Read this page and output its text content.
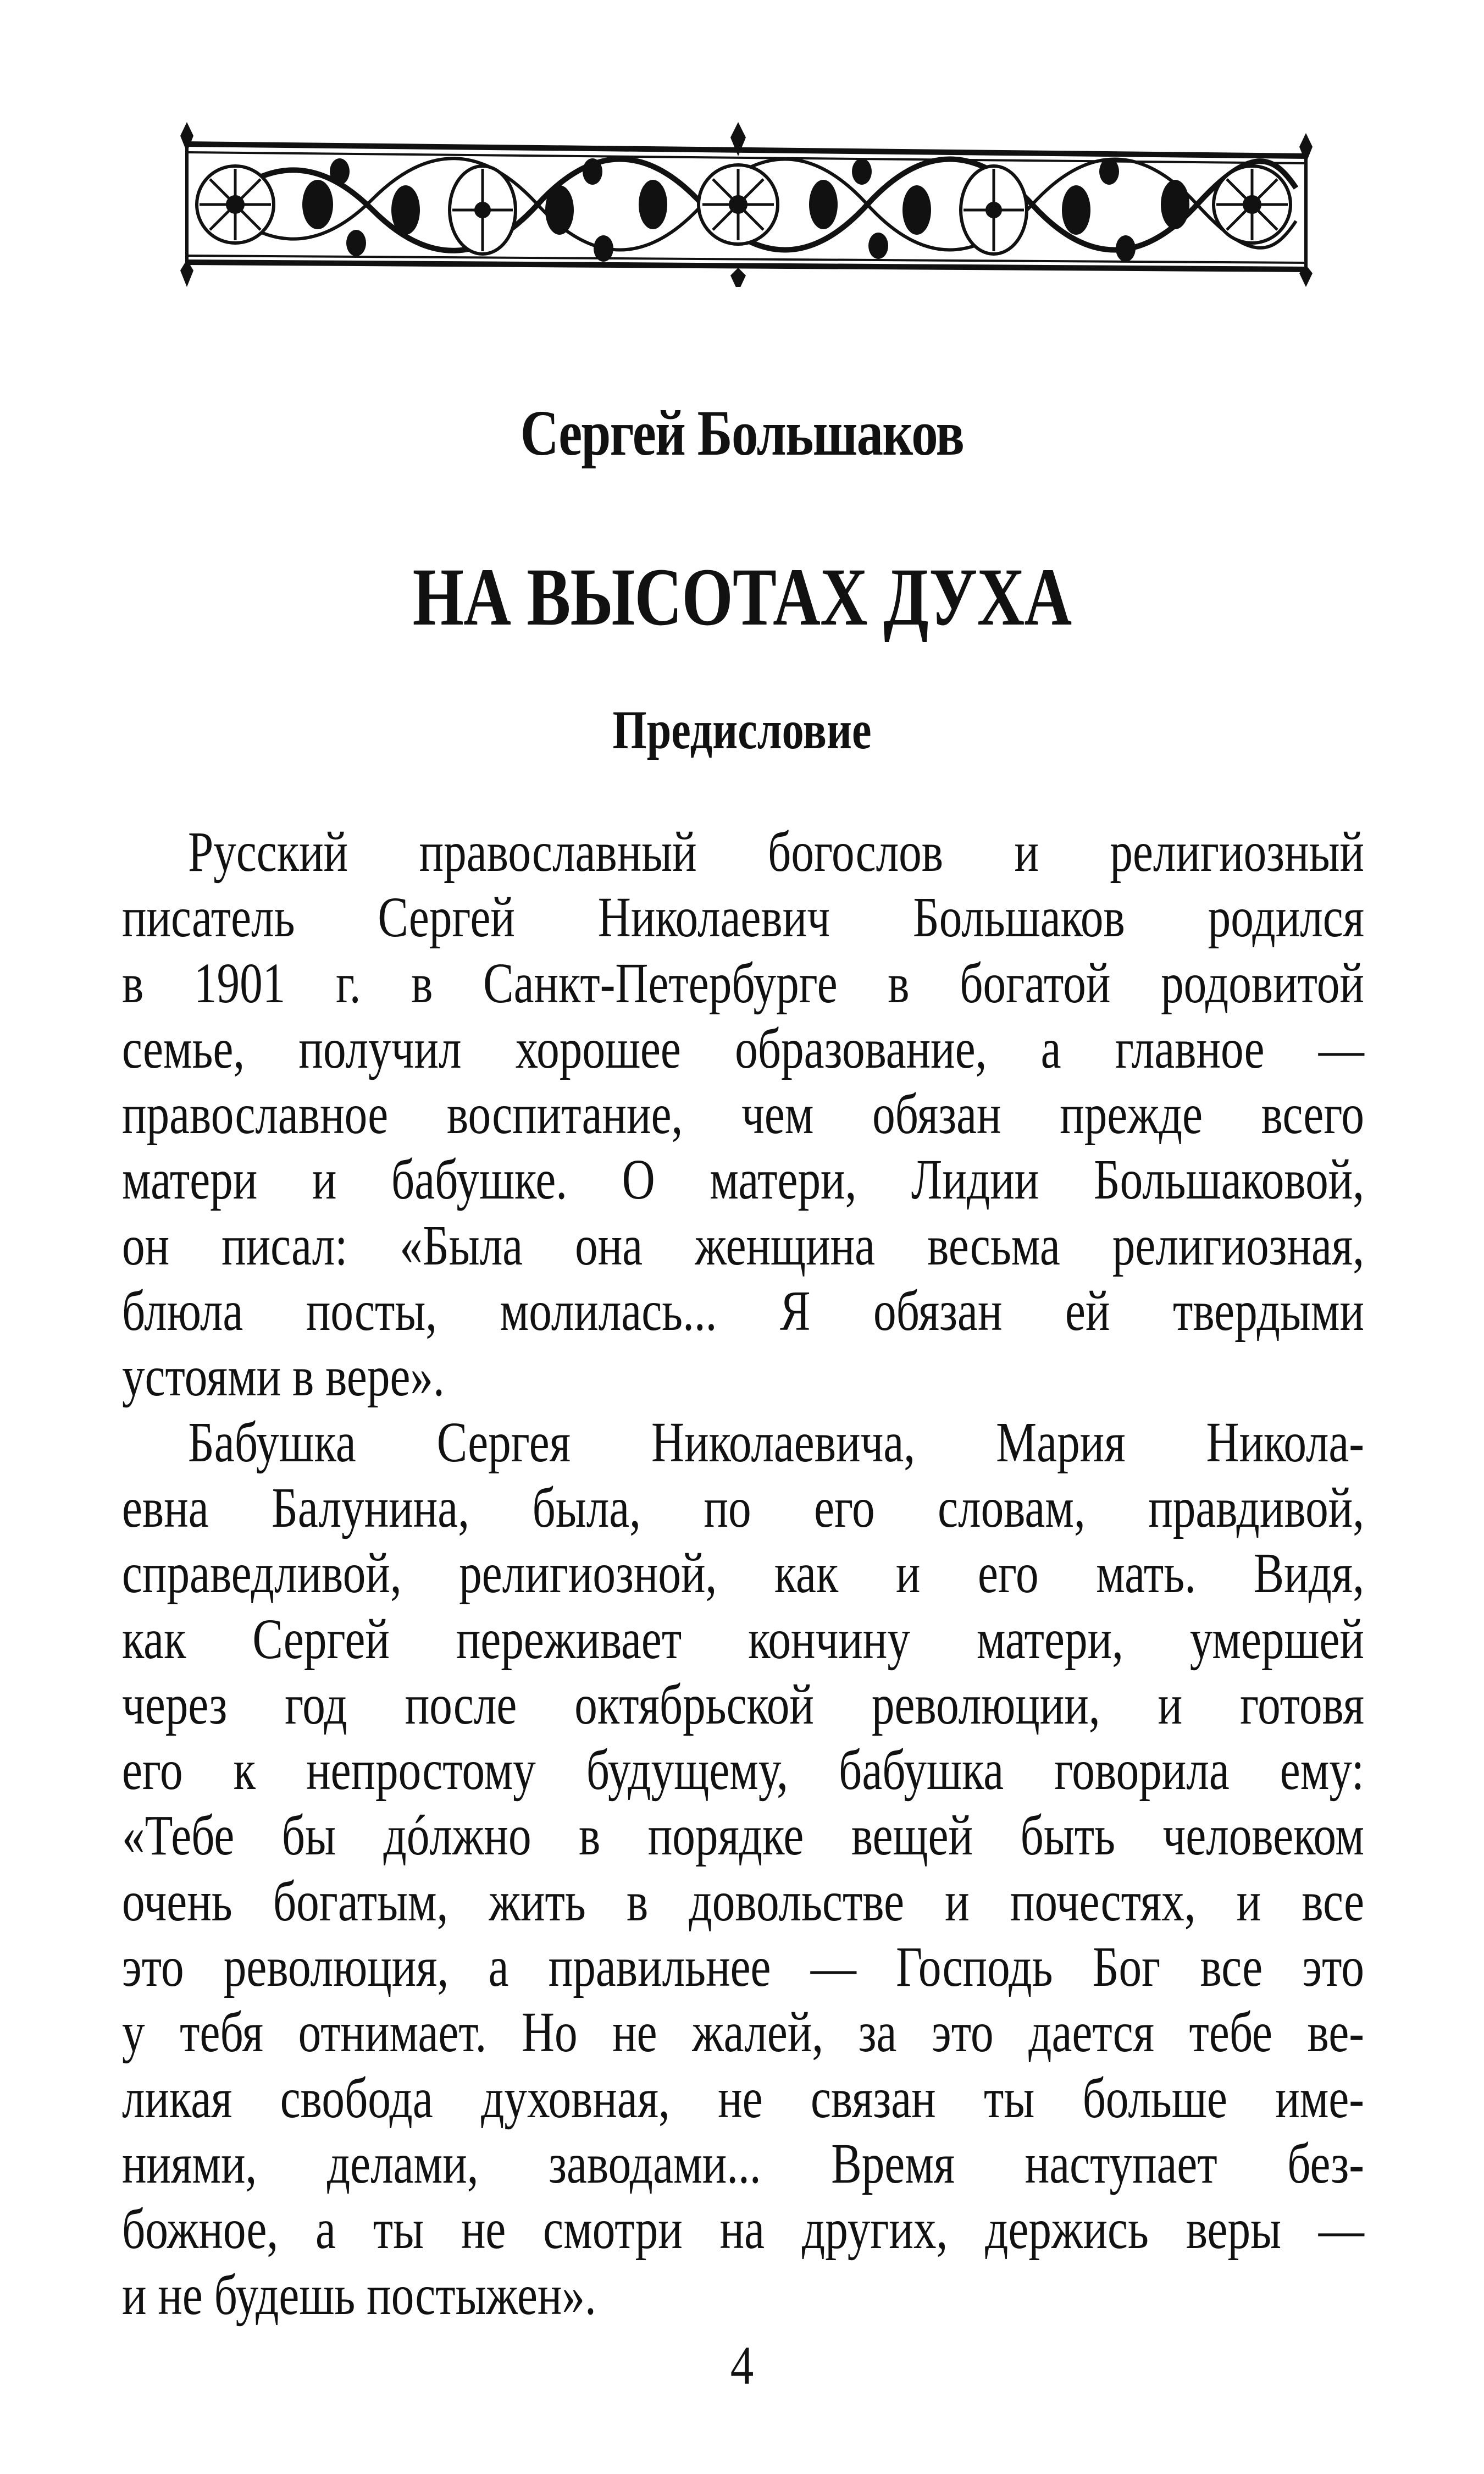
Сергей Большаков
НА ВЫСОТАХ ДУХА
Предисловие
Русский православный богослов и религиозный
писатель Сергей Николаевич Большаков родился
в 1901 г. в Санкт-Петербурге в богатой родовитой
семье, получил хорошее образование, а главное —
православное воспитание, чем обязан прежде всего
матери и бабушке. О матери, Лидии Большаковой,
он писал: «Была она женщина весьма религиозная,
блюла посты, молилась... Я обязан ей твердыми
устоями в вере».
Бабушка Сергея Николаевича, Мария Никола-
евна Балунина, была, по его словам, правдивой,
справедливой, религиозной, как и его мать. Видя,
как Сергей переживает кончину матери, умершей
через год после октябрьской революции, и готовя
его к непростому будущему, бабушка говорила ему:
«Тебе бы дóлжно в порядке вещей быть человеком
очень богатым, жить в довольстве и почестях, и все
это революция, а правильнее — Господь Бог все это
у тебя отнимает. Но не жалей, за это дается тебе ве-
ликая свобода духовная, не связан ты больше име-
ниями, делами, заводами... Время наступает без-
божное, а ты не смотри на других, держись веры —
и не будешь постыжен».
4
